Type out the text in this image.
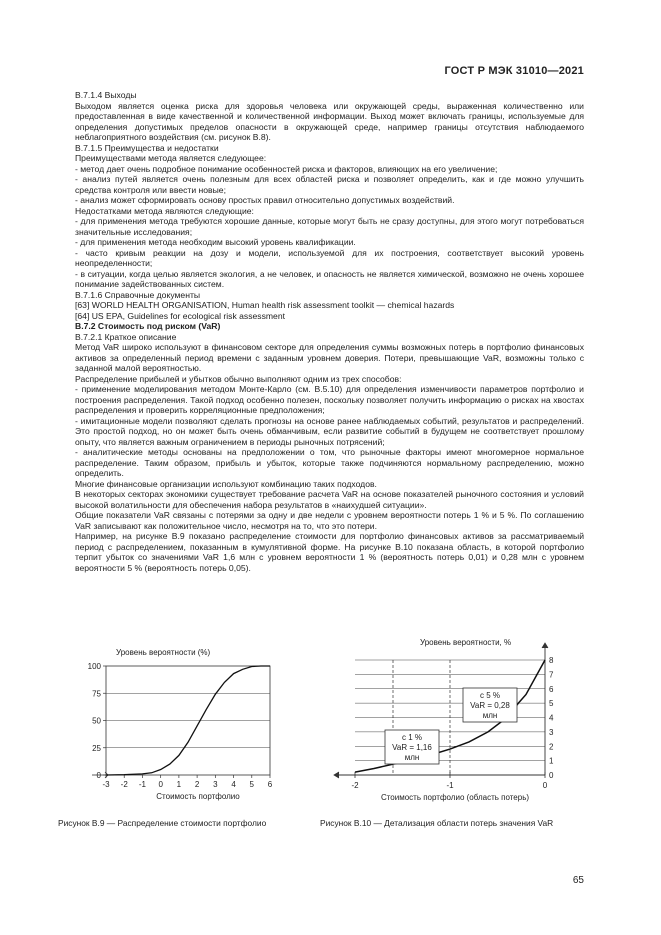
ГОСТ Р МЭК 31010—2021

B.7.1.4 Выходы

Выходом является оценка риска для здоровья человека или окружающей среды, выраженная количественно или предоставленная в виде качественной и количественной информации. Выход может включать границы, используемые для определения допустимых пределов опасности в окружающей среде, например границы отсутствия наблюдаемого неблагоприятного воздействия (см. рисунок B.8).

B.7.1.5 Преимущества и недостатки

Преимуществами метода является следующее:

- метод дает очень подробное понимание особенностей риска и факторов, влияющих на его увеличение;

- анализ путей является очень полезным для всех областей риска и позволяет определить, как и где можно улучшить средства контроля или ввести новые;

- анализ может сформировать основу простых правил относительно допустимых воздействий.

Недостатками метода являются следующие:

- для применения метода требуются хорошие данные, которые могут быть не сразу доступны, для этого могут потребоваться значительные исследования;

- для применения метода необходим высокий уровень квалификации.

- часто кривым реакции на дозу и модели, используемой для их построения, соответствует высокий уровень неопределенности;

- в ситуации, когда целью является экология, а не человек, и опасность не является химической, возможно не очень хорошее понимание задействованных систем.

B.7.1.6 Справочные документы

[63] WORLD HEALTH ORGANISATION, Human health risk assessment toolkit — chemical hazards

[64] US EPA, Guidelines for ecological risk assessment

B.7.2 Стоимость под риском (VaR)

B.7.2.1 Краткое описание

Метод VaR широко используют в финансовом секторе для определения суммы возможных потерь в портфолио финансовых активов за определенный период времени с заданным уровнем доверия. Потери, превышающие VaR, возможны только с заданной малой вероятностью.

Распределение прибылей и убытков обычно выполняют одним из трех способов:

- применение моделирования методом Монте-Карло (см. B.5.10) для определения изменчивости параметров портфолио и построения распределения. Такой подход особенно полезен, поскольку позволяет получить информацию о рисках на хвостах распределения и проверить корреляционные предположения;

- имитационные модели позволяют сделать прогнозы на основе ранее наблюдаемых событий, результатов и распределений. Это простой подход, но он может быть очень обманчивым, если развитие событий в будущем не соответствует прошлому опыту, что является важным ограничением в периоды рыночных потрясений;

- аналитические методы основаны на предположении о том, что рыночные факторы имеют многомерное нормальное распределение. Таким образом, прибыль и убыток, которые также подчиняются нормальному распределению, можно определить.

Многие финансовые организации используют комбинацию таких подходов.

В некоторых секторах экономики существует требование расчета VaR на основе показателей рыночного состояния и условий высокой волатильности для обеспечения набора результатов в «наихудшей ситуации».

Общие показатели VaR связаны с потерями за одну и две недели с уровнем вероятности потерь 1 % и 5 %. По соглашению VaR записывают как положительное число, несмотря на то, что это потери.

Например, на рисунке B.9 показано распределение стоимости для портфолио финансовых активов за рассматриваемый период с распределением, показанным в кумулятивной форме. На рисунке B.10 показана область, в которой портфолио терпит убыток со значениями VaR 1,6 млн с уровнем вероятности 1 % (вероятность потерь 0,01) и 0,28 млн с уровнем вероятности 5 % (вероятность потерь 0,05).

0
25
50
75
100
-3 -2 -1 0 1 2 3 4 5 6
Уровень вероятности (%)
Стоимость портфолио
Рисунок B.9 — Распределение стоимости портфолио
0
1
2
3
4
5
6
7
8
-2	-1	0
с 5 %
VaR = 0,28
млн
с 1 %
VaR = 1,16
млн
Уровень вероятности, %
Стоимость портфолио (область потерь)
Рисунок B.10 — Детализация области потерь значения VaR
65
